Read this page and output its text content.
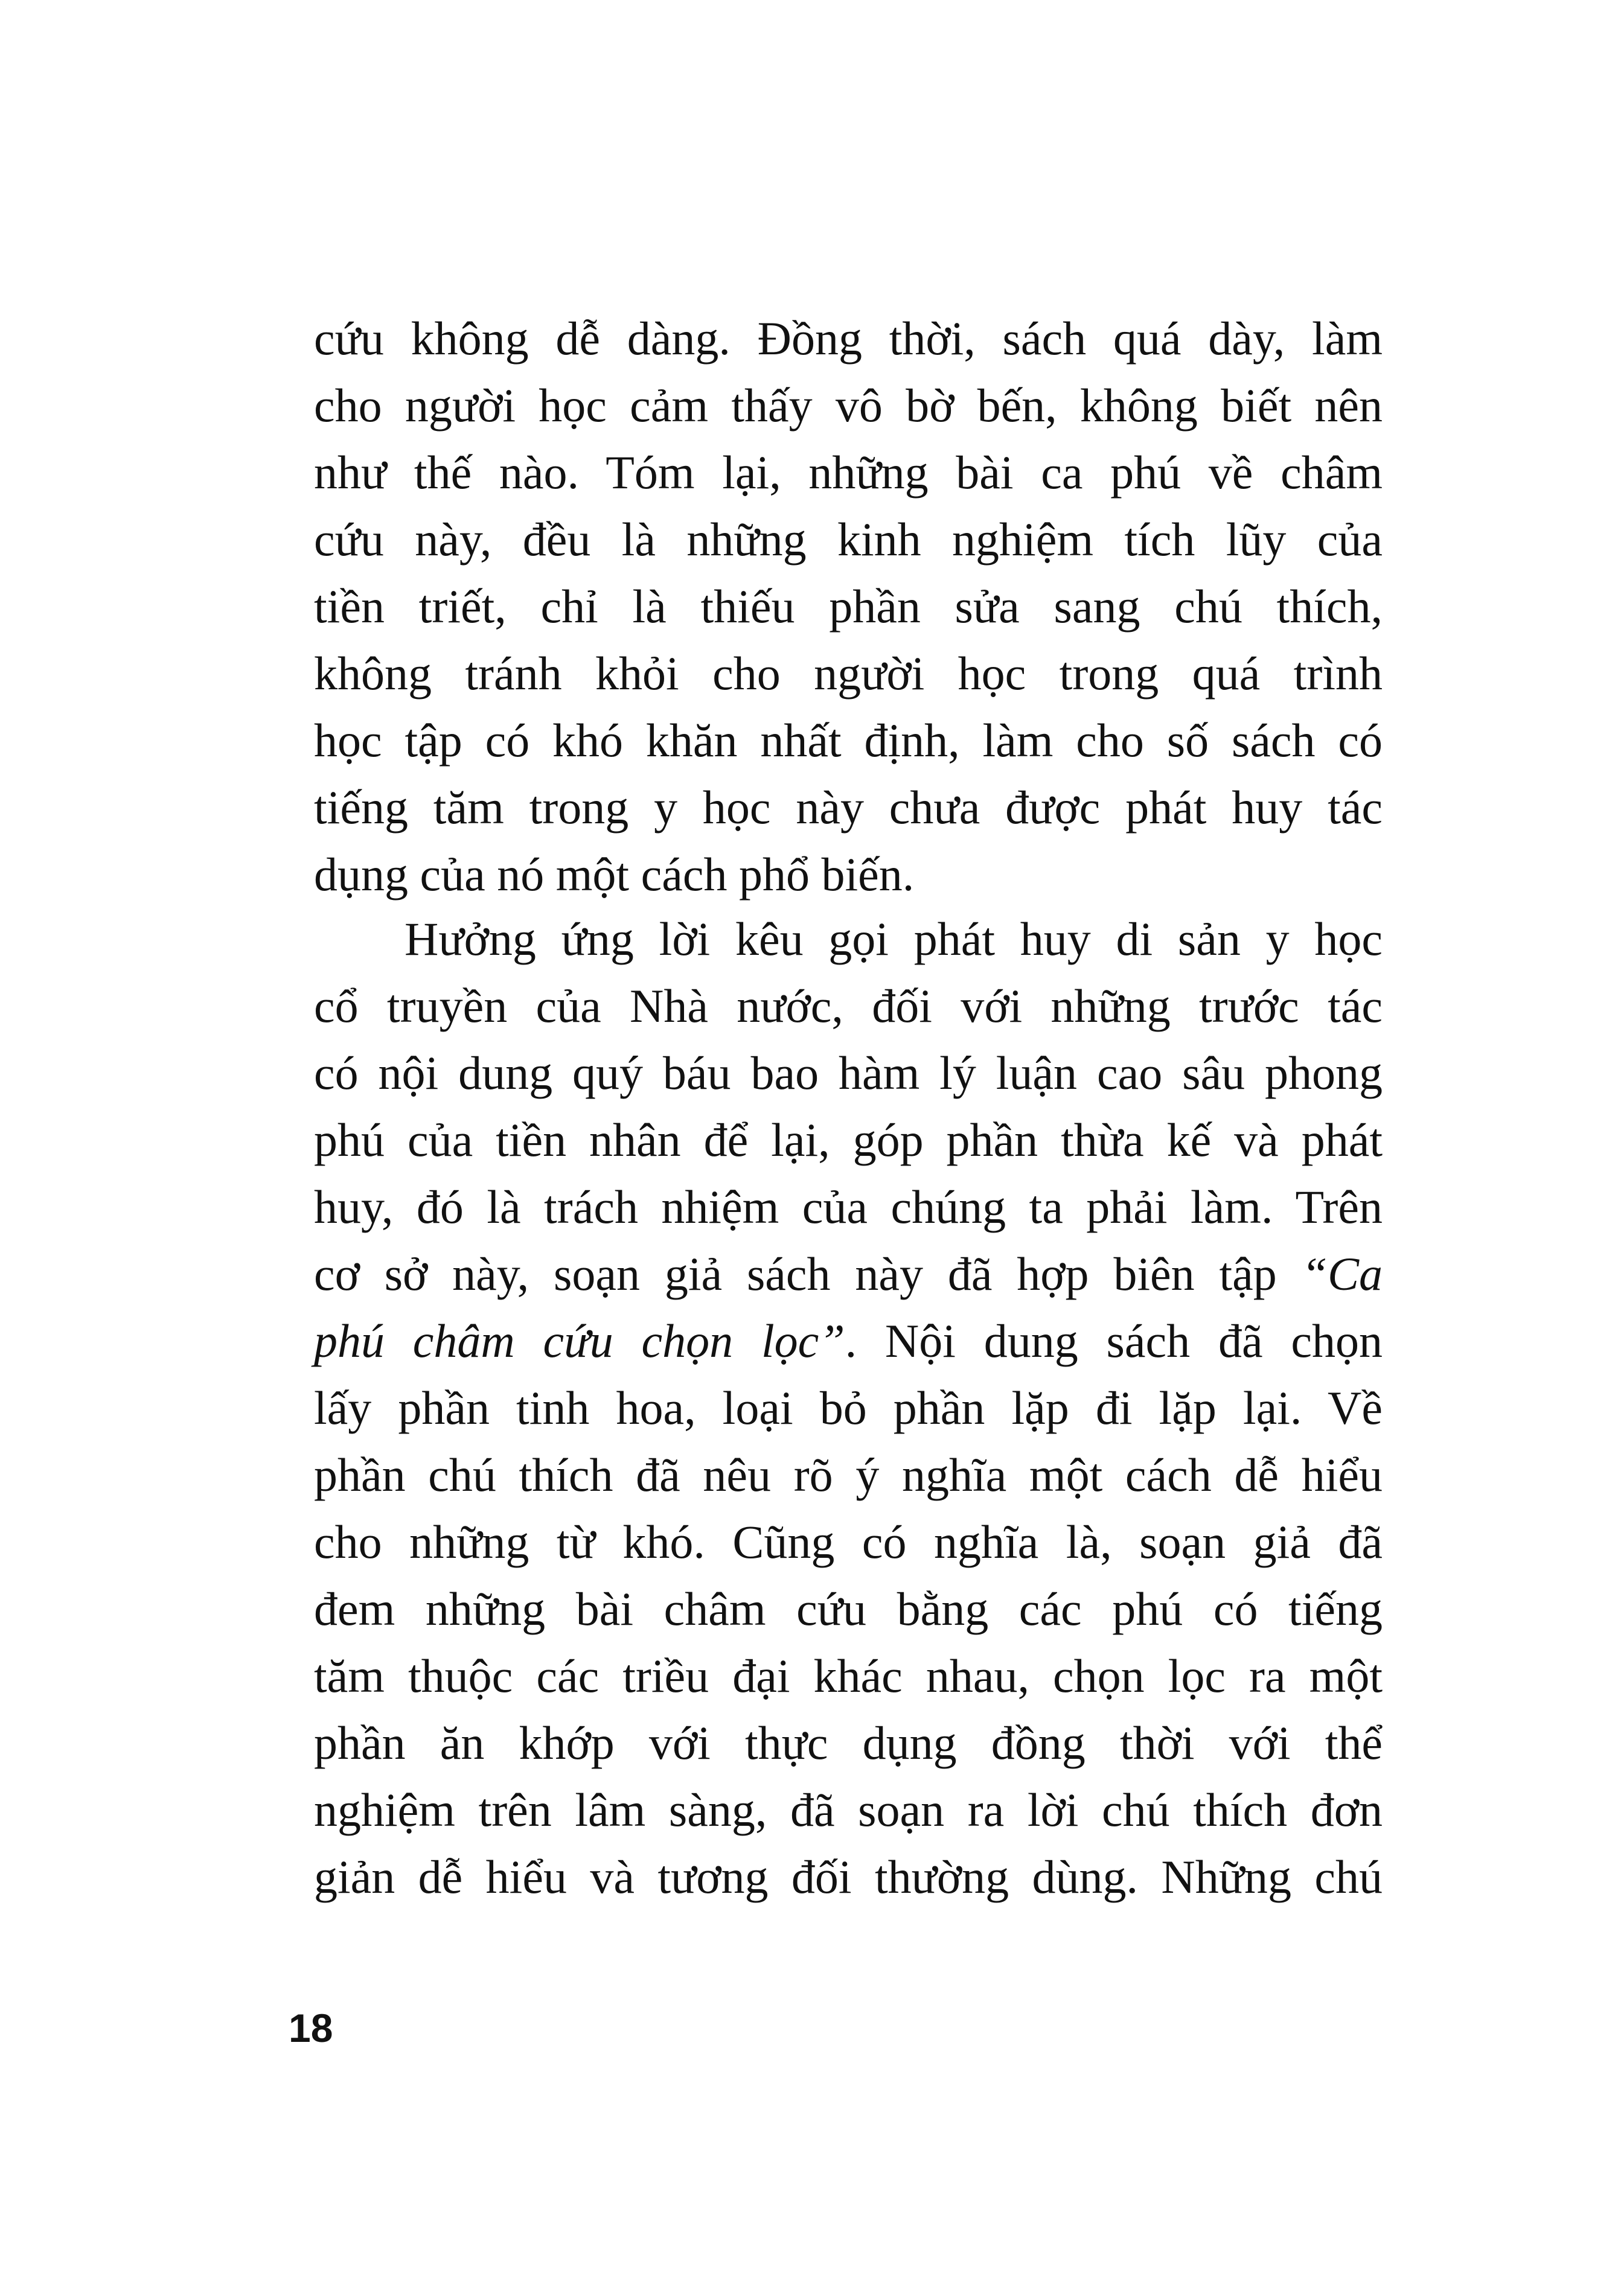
cứu không dễ dàng. Đồng thời, sách quá dày, làm
cho người học cảm thấy vô bờ bến, không biết nên
như thế nào. Tóm lại, những bài ca phú về châm
cứu này, đều là những kinh nghiệm tích lũy của
tiền triết, chỉ là thiếu phần sửa sang chú thích,
không tránh khỏi cho người học trong quá trình
học tập có khó khăn nhất định, làm cho số sách có
tiếng tăm trong y học này chưa được phát huy tác
dụng của nó một cách phổ biến.
Hưởng ứng lời kêu gọi phát huy di sản y học
cổ truyền của Nhà nước, đối với những trước tác
có nội dung quý báu bao hàm lý luận cao sâu phong
phú của tiền nhân để lại, góp phần thừa kế và phát
huy, đó là trách nhiệm của chúng ta phải làm. Trên
cơ sở này, soạn giả sách này đã hợp biên tập “Ca
phú châm cứu chọn lọc”. Nội dung sách đã chọn
lấy phần tinh hoa, loại bỏ phần lặp đi lặp lại. Về
phần chú thích đã nêu rõ ý nghĩa một cách dễ hiểu
cho những từ khó. Cũng có nghĩa là, soạn giả đã
đem những bài châm cứu bằng các phú có tiếng
tăm thuộc các triều đại khác nhau, chọn lọc ra một
phần ăn khớp với thực dụng đồng thời với thể
nghiệm trên lâm sàng, đã soạn ra lời chú thích đơn
giản dễ hiểu và tương đối thường dùng. Những chú
18
